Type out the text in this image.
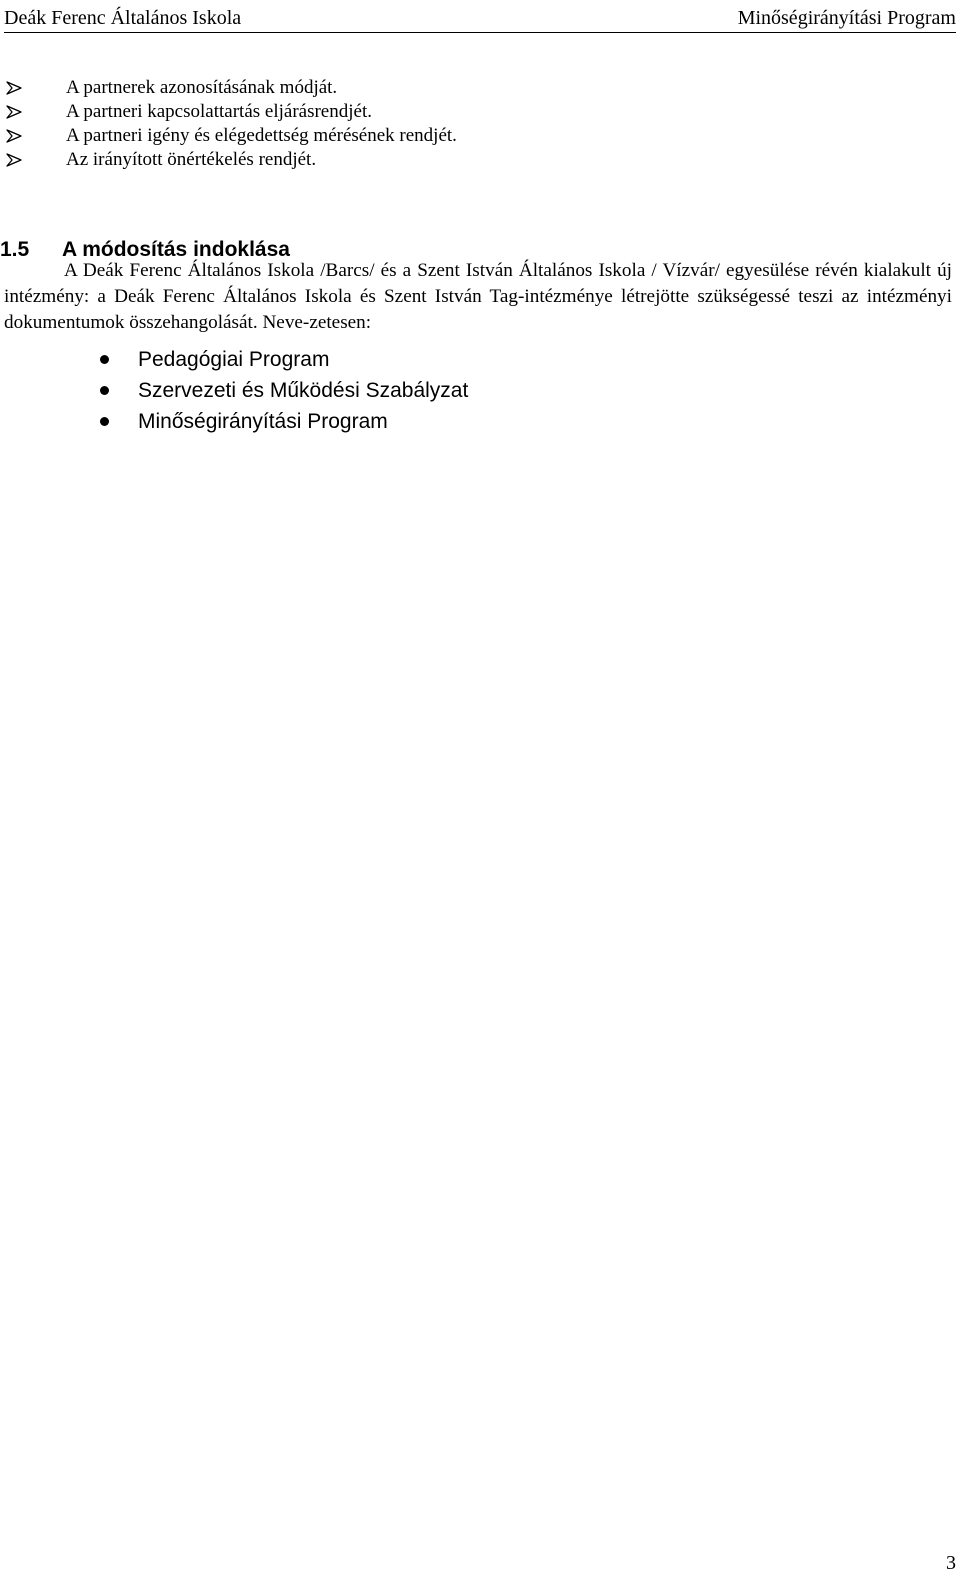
Deák Ferenc Általános Iskola	Minőségirányítási Program
A partnerek azonosításának módját.
A partneri kapcsolattartás eljárásrendjét.
A partneri igény és elégedettség mérésének rendjét.
Az irányított önértékelés rendjét.
1.5 A módosítás indoklása

A Deák Ferenc Általános Iskola /Barcs/ és a Szent István Általános Iskola / Vízvár/ egyesülése révén kialakult új intézmény: a Deák Ferenc Általános Iskola és Szent István Tag-intézménye létrejötte szükségessé teszi az intézményi dokumentumok összehangolását. Neve-zetesen:

Pedagógiai Program
Szervezeti és Működési Szabályzat
Minőségirányítási Program
3
